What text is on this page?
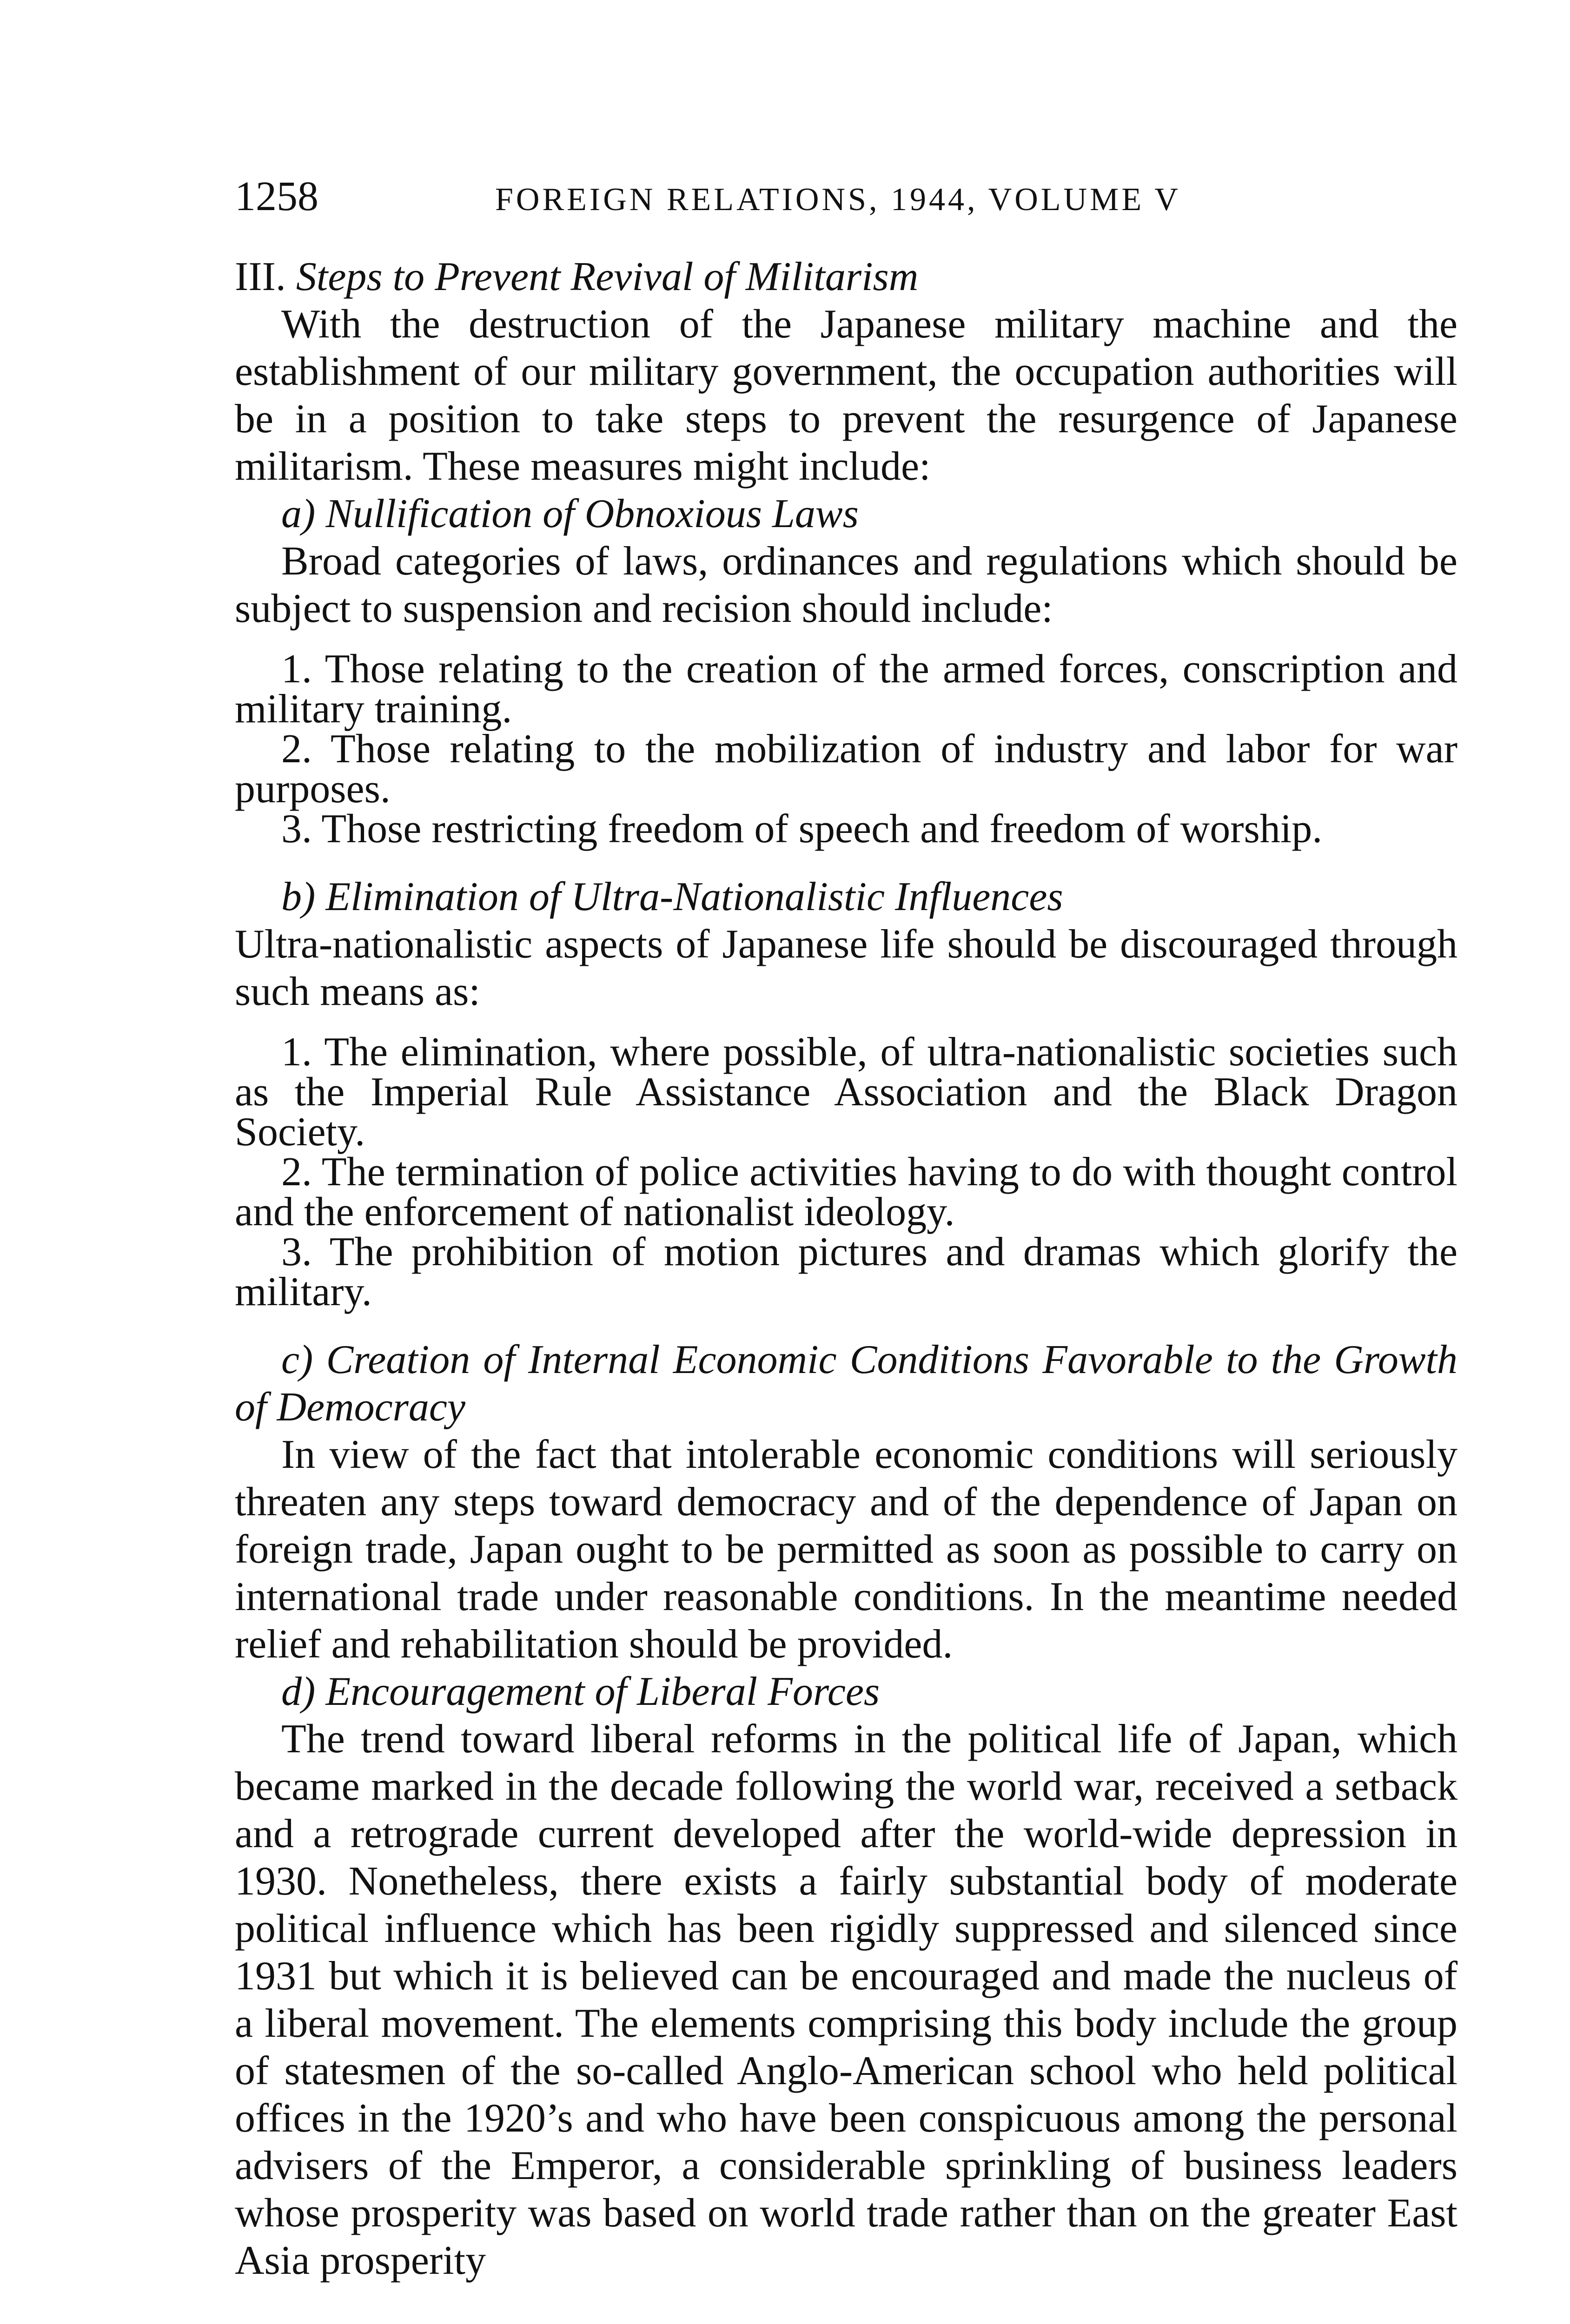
1258	FOREIGN RELATIONS, 1944, VOLUME V

III. Steps to Prevent Revival of Militarism

With the destruction of the Japanese military machine and the establishment of our military government, the occupation authorities will be in a position to take steps to prevent the resurgence of Japanese militarism. These measures might include:

a) Nullification of Obnoxious Laws

Broad categories of laws, ordinances and regulations which should be subject to suspension and recision should include:

1. Those relating to the creation of the armed forces, conscription and military training.

2. Those relating to the mobilization of industry and labor for war purposes.

3. Those restricting freedom of speech and freedom of worship.

b) Elimination of Ultra-Nationalistic Influences

Ultra-nationalistic aspects of Japanese life should be discouraged through such means as:

1. The elimination, where possible, of ultra-nationalistic societies such as the Imperial Rule Assistance Association and the Black Dragon Society.

2. The termination of police activities having to do with thought control and the enforcement of nationalist ideology.

3. The prohibition of motion pictures and dramas which glorify the military.

c) Creation of Internal Economic Conditions Favorable to the Growth of Democracy

In view of the fact that intolerable economic conditions will seriously threaten any steps toward democracy and of the dependence of Japan on foreign trade, Japan ought to be permitted as soon as possible to carry on international trade under reasonable conditions. In the meantime needed relief and rehabilitation should be provided.

d) Encouragement of Liberal Forces

The trend toward liberal reforms in the political life of Japan, which became marked in the decade following the world war, received a setback and a retrograde current developed after the world-wide depression in 1930. Nonetheless, there exists a fairly substantial body of moderate political influence which has been rigidly suppressed and silenced since 1931 but which it is believed can be encouraged and made the nucleus of a liberal movement. The elements comprising this body include the group of statesmen of the so-called Anglo-American school who held political offices in the 1920’s and who have been conspicuous among the personal advisers of the Emperor, a considerable sprinkling of business leaders whose prosperity was based on world trade rather than on the greater East Asia prosperity
